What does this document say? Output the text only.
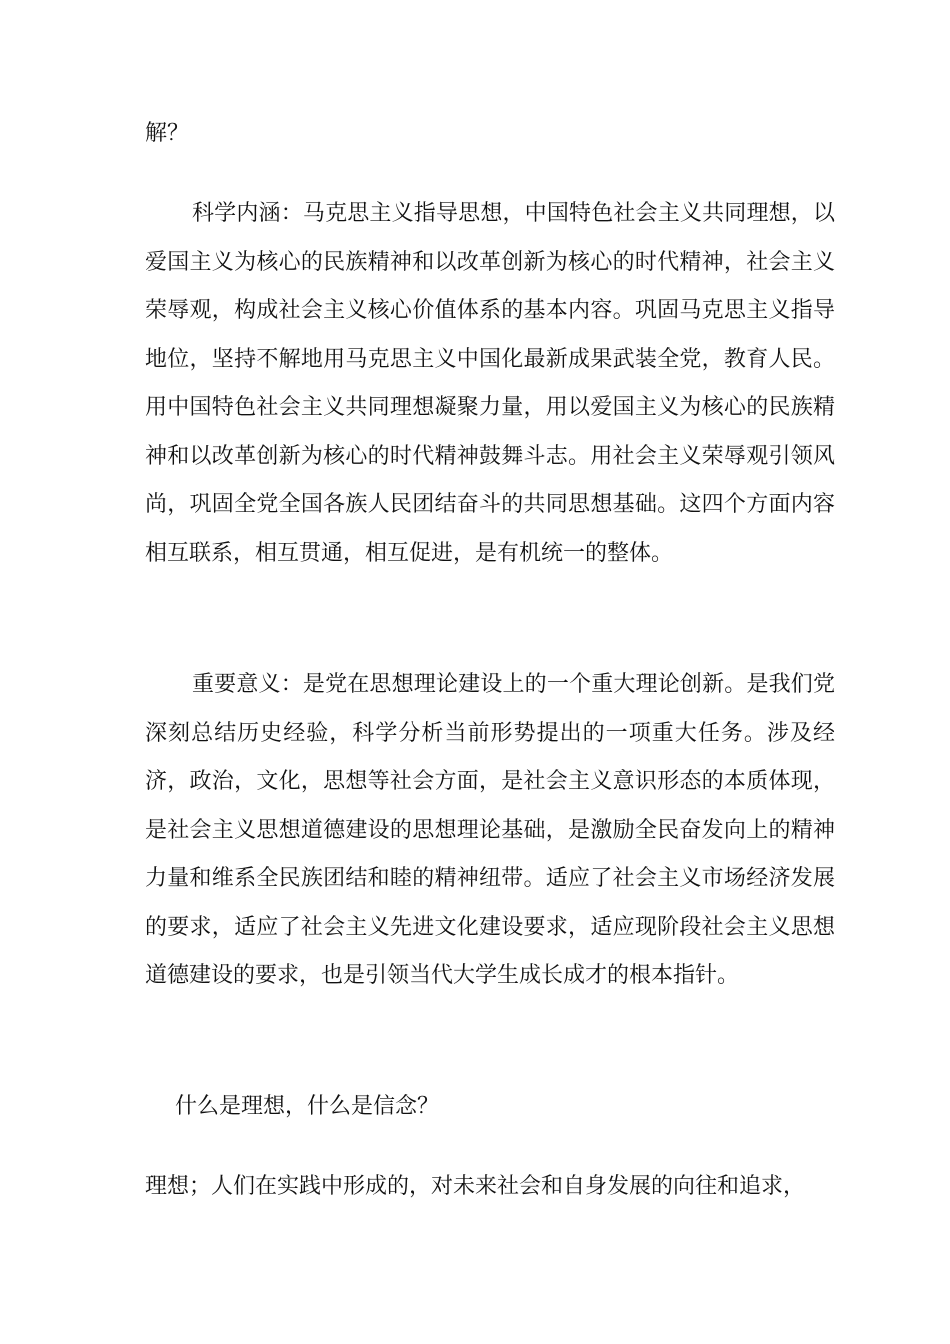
解？

科学内涵：马克思主义指导思想，中国特色社会主义共同理想，以爱国主义为核心的民族精神和以改革创新为核心的时代精神，社会主义荣辱观，构成社会主义核心价值体系的基本内容。巩固马克思主义指导地位，坚持不解地用马克思主义中国化最新成果武装全党，教育人民。用中国特色社会主义共同理想凝聚力量，用以爱国主义为核心的民族精神和以改革创新为核心的时代精神鼓舞斗志。用社会主义荣辱观引领风尚，巩固全党全国各族人民团结奋斗的共同思想基础。这四个方面内容相互联系，相互贯通，相互促进，是有机统一的整体。

重要意义：是党在思想理论建设上的一个重大理论创新。是我们党深刻总结历史经验，科学分析当前形势提出的一项重大任务。涉及经济，政治，文化，思想等社会方面，是社会主义意识形态的本质体现，是社会主义思想道德建设的思想理论基础，是激励全民奋发向上的精神力量和维系全民族团结和睦的精神纽带。适应了社会主义市场经济发展的要求，适应了社会主义先进文化建设要求，适应现阶段社会主义思想道德建设的要求，也是引领当代大学生成长成才的根本指针。

什么是理想，什么是信念？

理想；人们在实践中形成的，对未来社会和自身发展的向往和追求，
